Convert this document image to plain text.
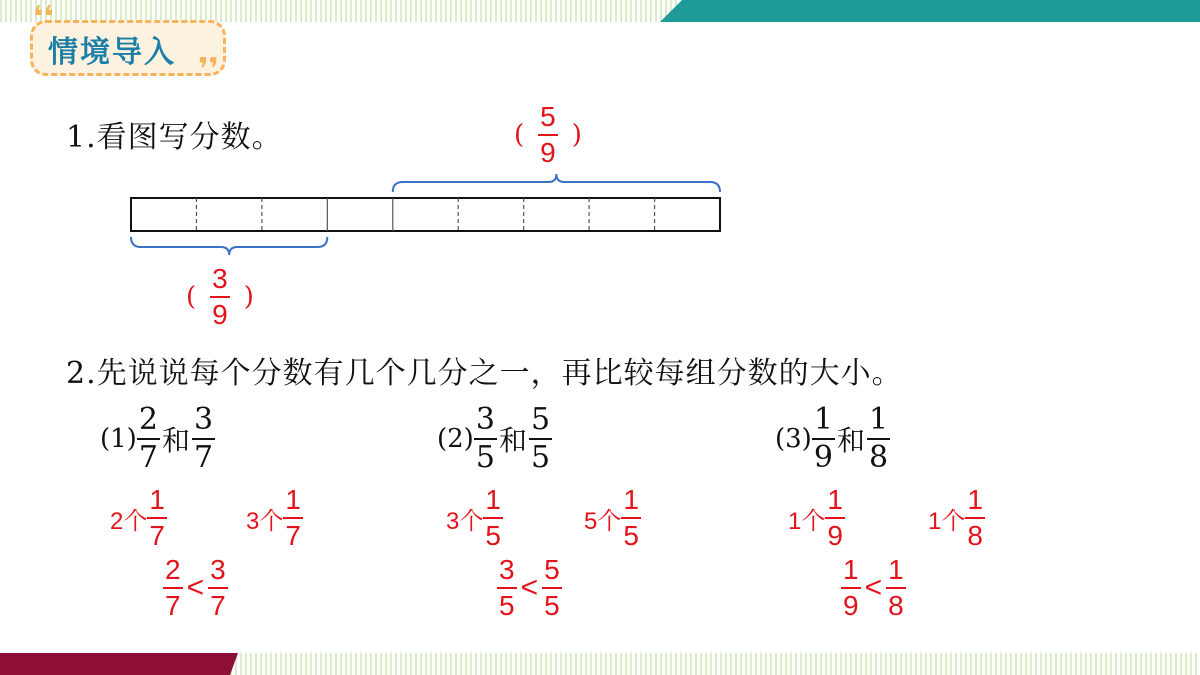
❛❛
❜❜
情境导入
1.看图写分数。	( $\frac{5}{9}$ )
( $\frac{3}{9}$ )
2.先说说每个分数有几个几分之一，再比较每组分数的大小。
$(1) \frac{2}{7}$ 和 $\frac{3}{7}$
2个 $\frac{1}{7}$	3个 $\frac{1}{7}$
$\frac{2}{7} < \frac{3}{7}$
$(2) \frac{3}{5}$ 和 $\frac{5}{5}$
3个 $\frac{1}{5}$	5个 $\frac{1}{5}$
$\frac{3}{5} < \frac{5}{5}$
$(3) \frac{1}{9}$ 和 $\frac{1}{8}$
1个 $\frac{1}{9}$	1个 $\frac{1}{8}$
$\frac{1}{9} < \frac{1}{8}$
